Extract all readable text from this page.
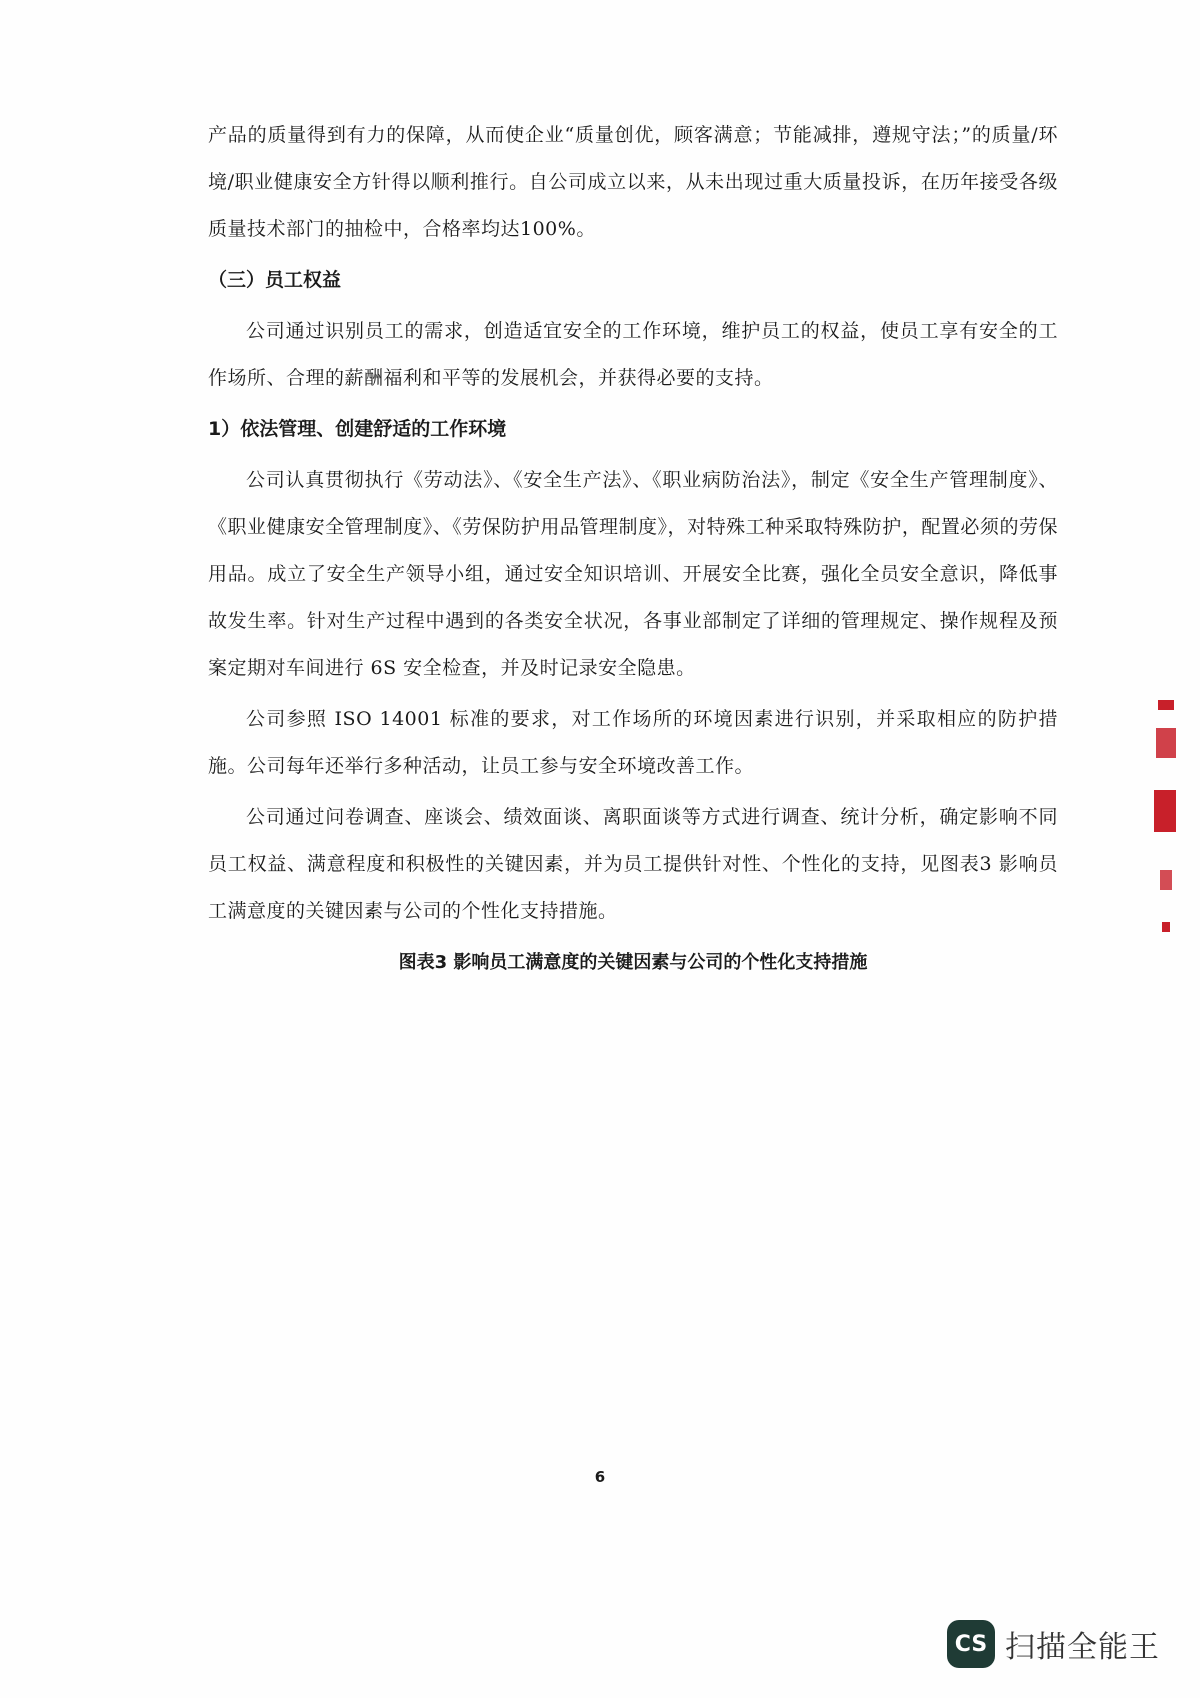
产品的质量得到有力的保障，从而使企业“质量创优，顾客满意；节能减排，遵规守法；”的质量/环境/职业健康安全方针得以顺利推行。自公司成立以来，从未出现过重大质量投诉，在历年接受各级质量技术部门的抽检中，合格率均达100%。

（三）员工权益

公司通过识别员工的需求，创造适宜安全的工作环境，维护员工的权益，使员工享有安全的工作场所、合理的薪酬福利和平等的发展机会，并获得必要的支持。

1）依法管理、创建舒适的工作环境

公司认真贯彻执行《劳动法》、《安全生产法》、《职业病防治法》，制定《安全生产管理制度》、《职业健康安全管理制度》、《劳保防护用品管理制度》，对特殊工种采取特殊防护，配置必须的劳保用品。成立了安全生产领导小组，通过安全知识培训、开展安全比赛，强化全员安全意识，降低事故发生率。针对生产过程中遇到的各类安全状况，各事业部制定了详细的管理规定、操作规程及预案定期对车间进行 6S 安全检查，并及时记录安全隐患。

公司参照 ISO 14001 标准的要求，对工作场所的环境因素进行识别，并采取相应的防护措施。公司每年还举行多种活动，让员工参与安全环境改善工作。

公司通过问卷调查、座谈会、绩效面谈、离职面谈等方式进行调查、统计分析，确定影响不同员工权益、满意程度和积极性的关键因素，并为员工提供针对性、个性化的支持，见图表3 影响员工满意度的关键因素与公司的个性化支持措施。

图表3 影响员工满意度的关键因素与公司的个性化支持措施

6
CS 扫描全能王
